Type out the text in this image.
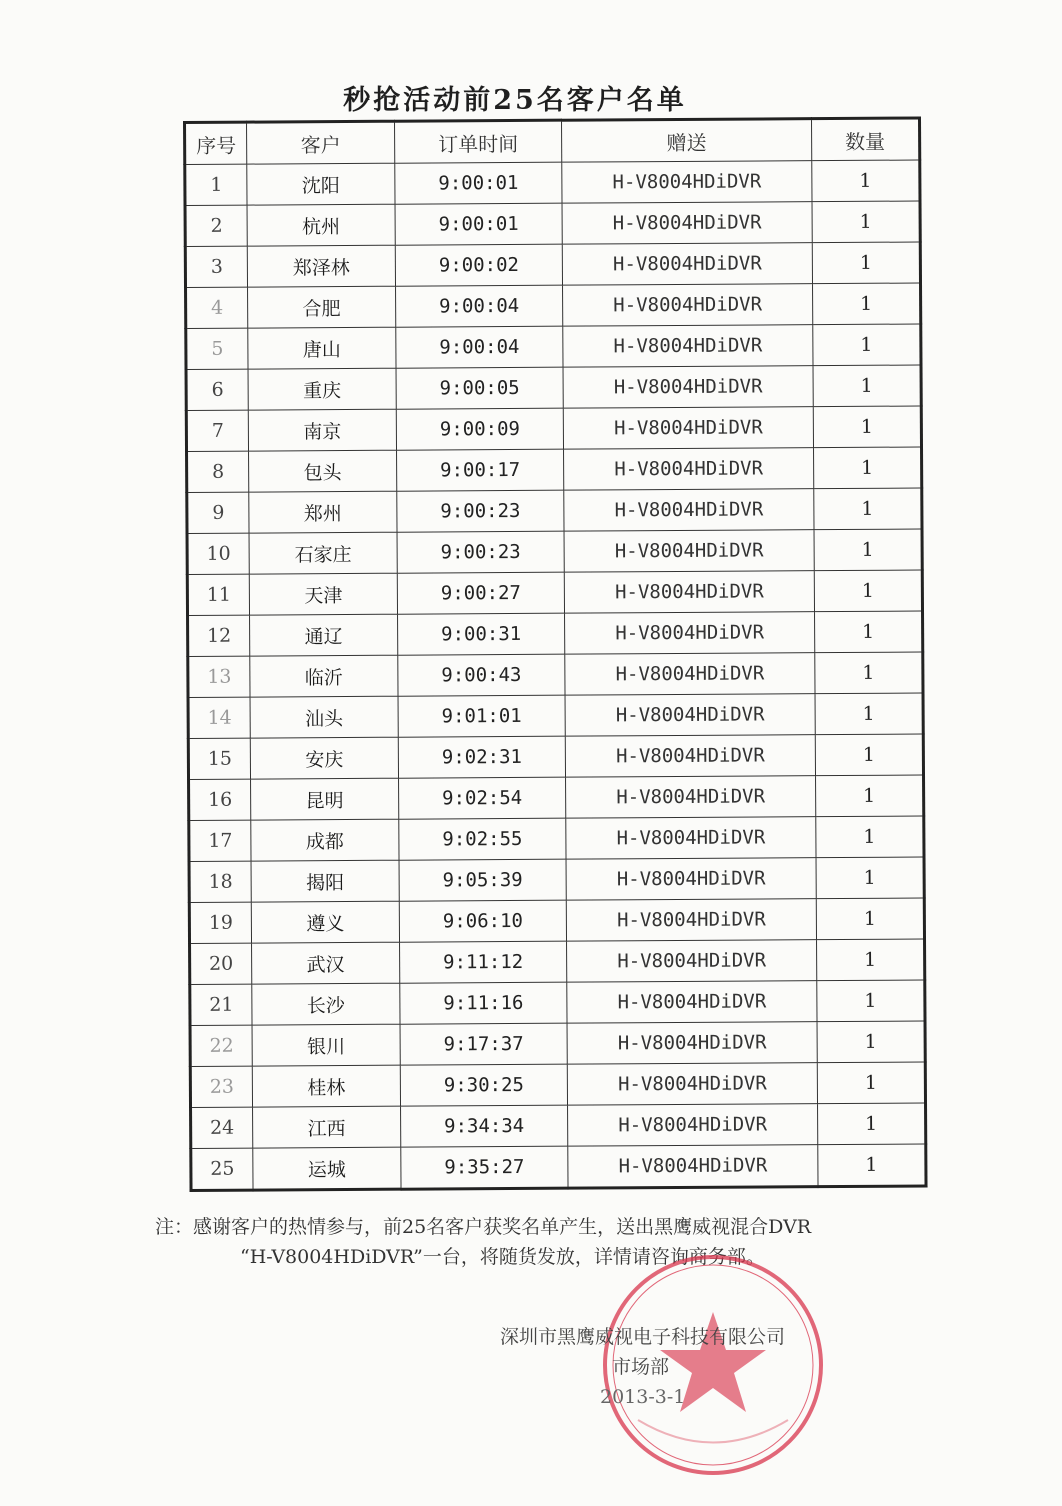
秒抢活动前25名客户名单
序号	客户	订单时间	赠送	数量
1	沈阳	9:00:01	H-V8004HDiDVR	1
2	杭州	9:00:01	H-V8004HDiDVR	1
3	郑泽林	9:00:02	H-V8004HDiDVR	1
4	合肥	9:00:04	H-V8004HDiDVR	1
5	唐山	9:00:04	H-V8004HDiDVR	1
6	重庆	9:00:05	H-V8004HDiDVR	1
7	南京	9:00:09	H-V8004HDiDVR	1
8	包头	9:00:17	H-V8004HDiDVR	1
9	郑州	9:00:23	H-V8004HDiDVR	1
10	石家庄	9:00:23	H-V8004HDiDVR	1
11	天津	9:00:27	H-V8004HDiDVR	1
12	通辽	9:00:31	H-V8004HDiDVR	1
13	临沂	9:00:43	H-V8004HDiDVR	1
14	汕头	9:01:01	H-V8004HDiDVR	1
15	安庆	9:02:31	H-V8004HDiDVR	1
16	昆明	9:02:54	H-V8004HDiDVR	1
17	成都	9:02:55	H-V8004HDiDVR	1
18	揭阳	9:05:39	H-V8004HDiDVR	1
19	遵义	9:06:10	H-V8004HDiDVR	1
20	武汉	9:11:12	H-V8004HDiDVR	1
21	长沙	9:11:16	H-V8004HDiDVR	1
22	银川	9:17:37	H-V8004HDiDVR	1
23	桂林	9:30:25	H-V8004HDiDVR	1
24	江西	9:34:34	H-V8004HDiDVR	1
25	运城	9:35:27	H-V8004HDiDVR	1
注：感谢客户的热情参与，前25名客户获奖名单产生，送出黑鹰威视混合DVR
“H-V8004HDiDVR”一台，将随货发放，详情请咨询商务部。
深圳市黑鹰威视电子科技有限公司
市场部
2013-3-1
